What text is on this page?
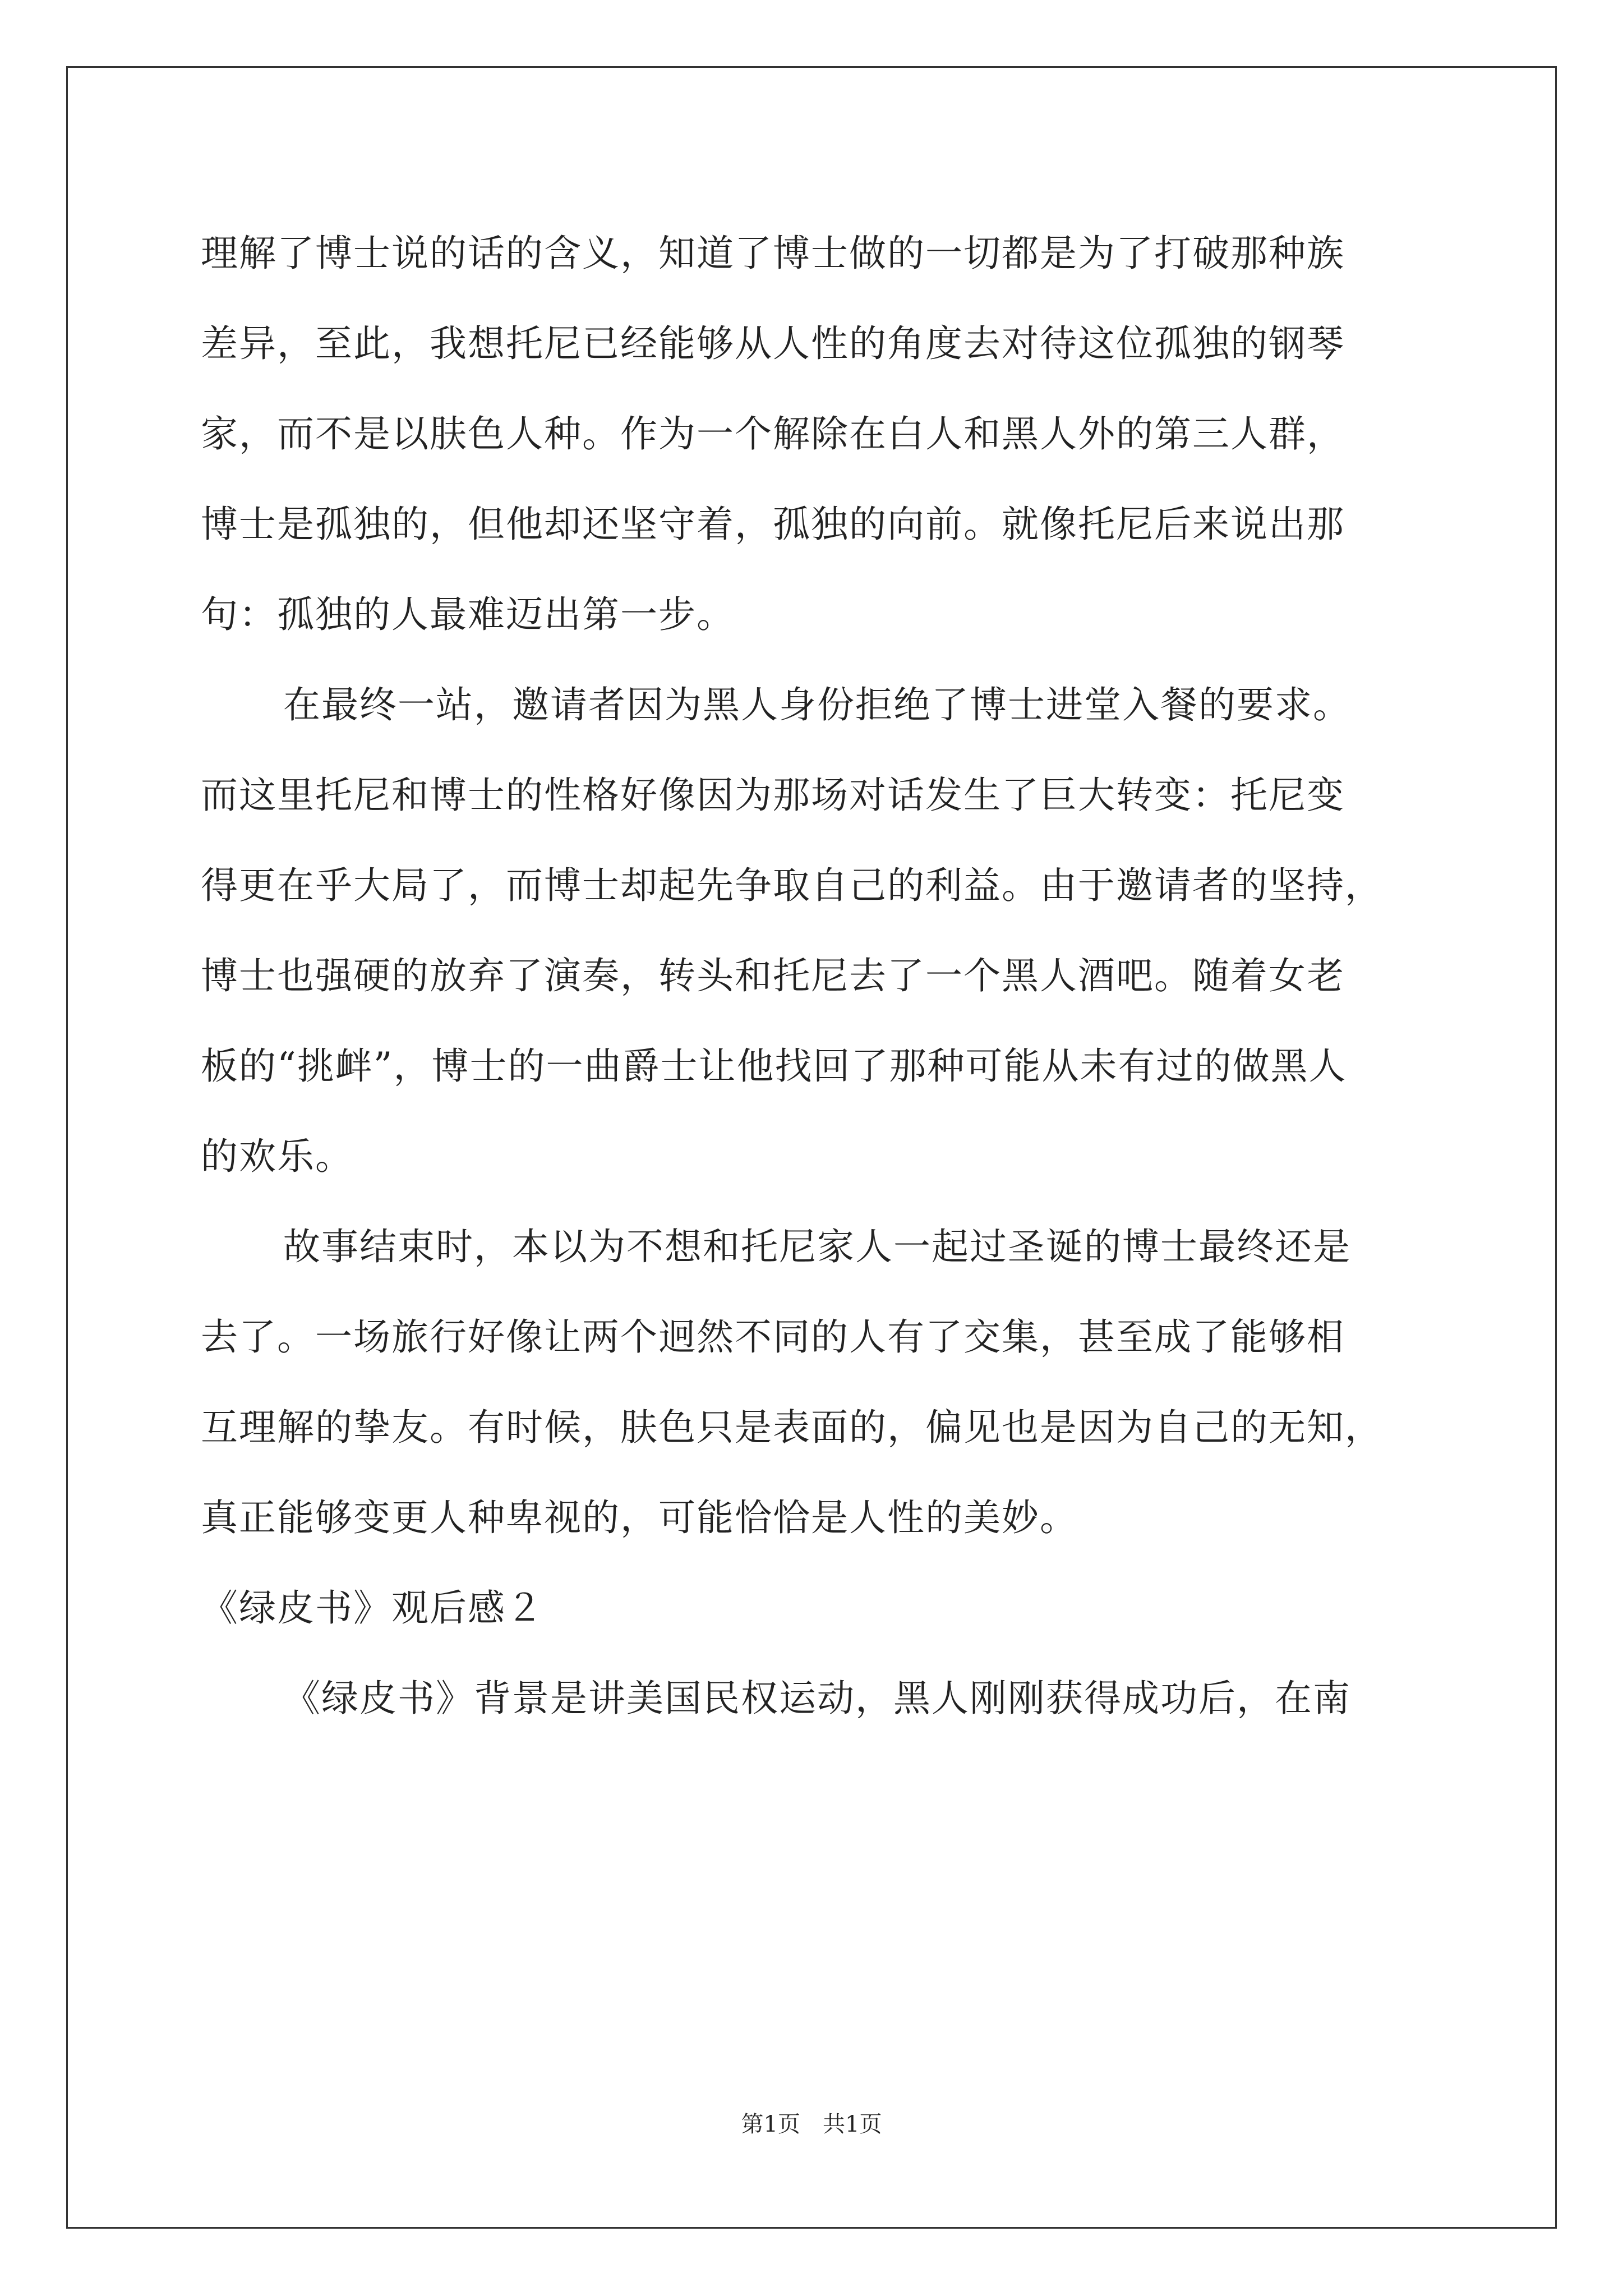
理解了博士说的话的含义，知道了博士做的一切都是为了打破那种族
差异，至此，我想托尼已经能够从人性的角度去对待这位孤独的钢琴
家，而不是以肤色人种。作为一个解除在白人和黑人外的第三人群，
博士是孤独的，但他却还坚守着，孤独的向前。就像托尼后来说出那
句：孤独的人最难迈出第一步。
在最终一站，邀请者因为黑人身份拒绝了博士进堂入餐的要求。
而这里托尼和博士的性格好像因为那场对话发生了巨大转变：托尼变
得更在乎大局了，而博士却起先争取自己的利益。由于邀请者的坚持，
博士也强硬的放弃了演奏，转头和托尼去了一个黑人酒吧。随着女老
板的“挑衅”，博士的一曲爵士让他找回了那种可能从未有过的做黑人
的欢乐。
故事结束时，本以为不想和托尼家人一起过圣诞的博士最终还是
去了。一场旅行好像让两个迥然不同的人有了交集，甚至成了能够相
互理解的挚友。有时候，肤色只是表面的，偏见也是因为自己的无知，
真正能够变更人种卑视的，可能恰恰是人性的美妙。
《绿皮书》观后感２
《绿皮书》背景是讲美国民权运动，黑人刚刚获得成功后，在南
第1页　共1页
